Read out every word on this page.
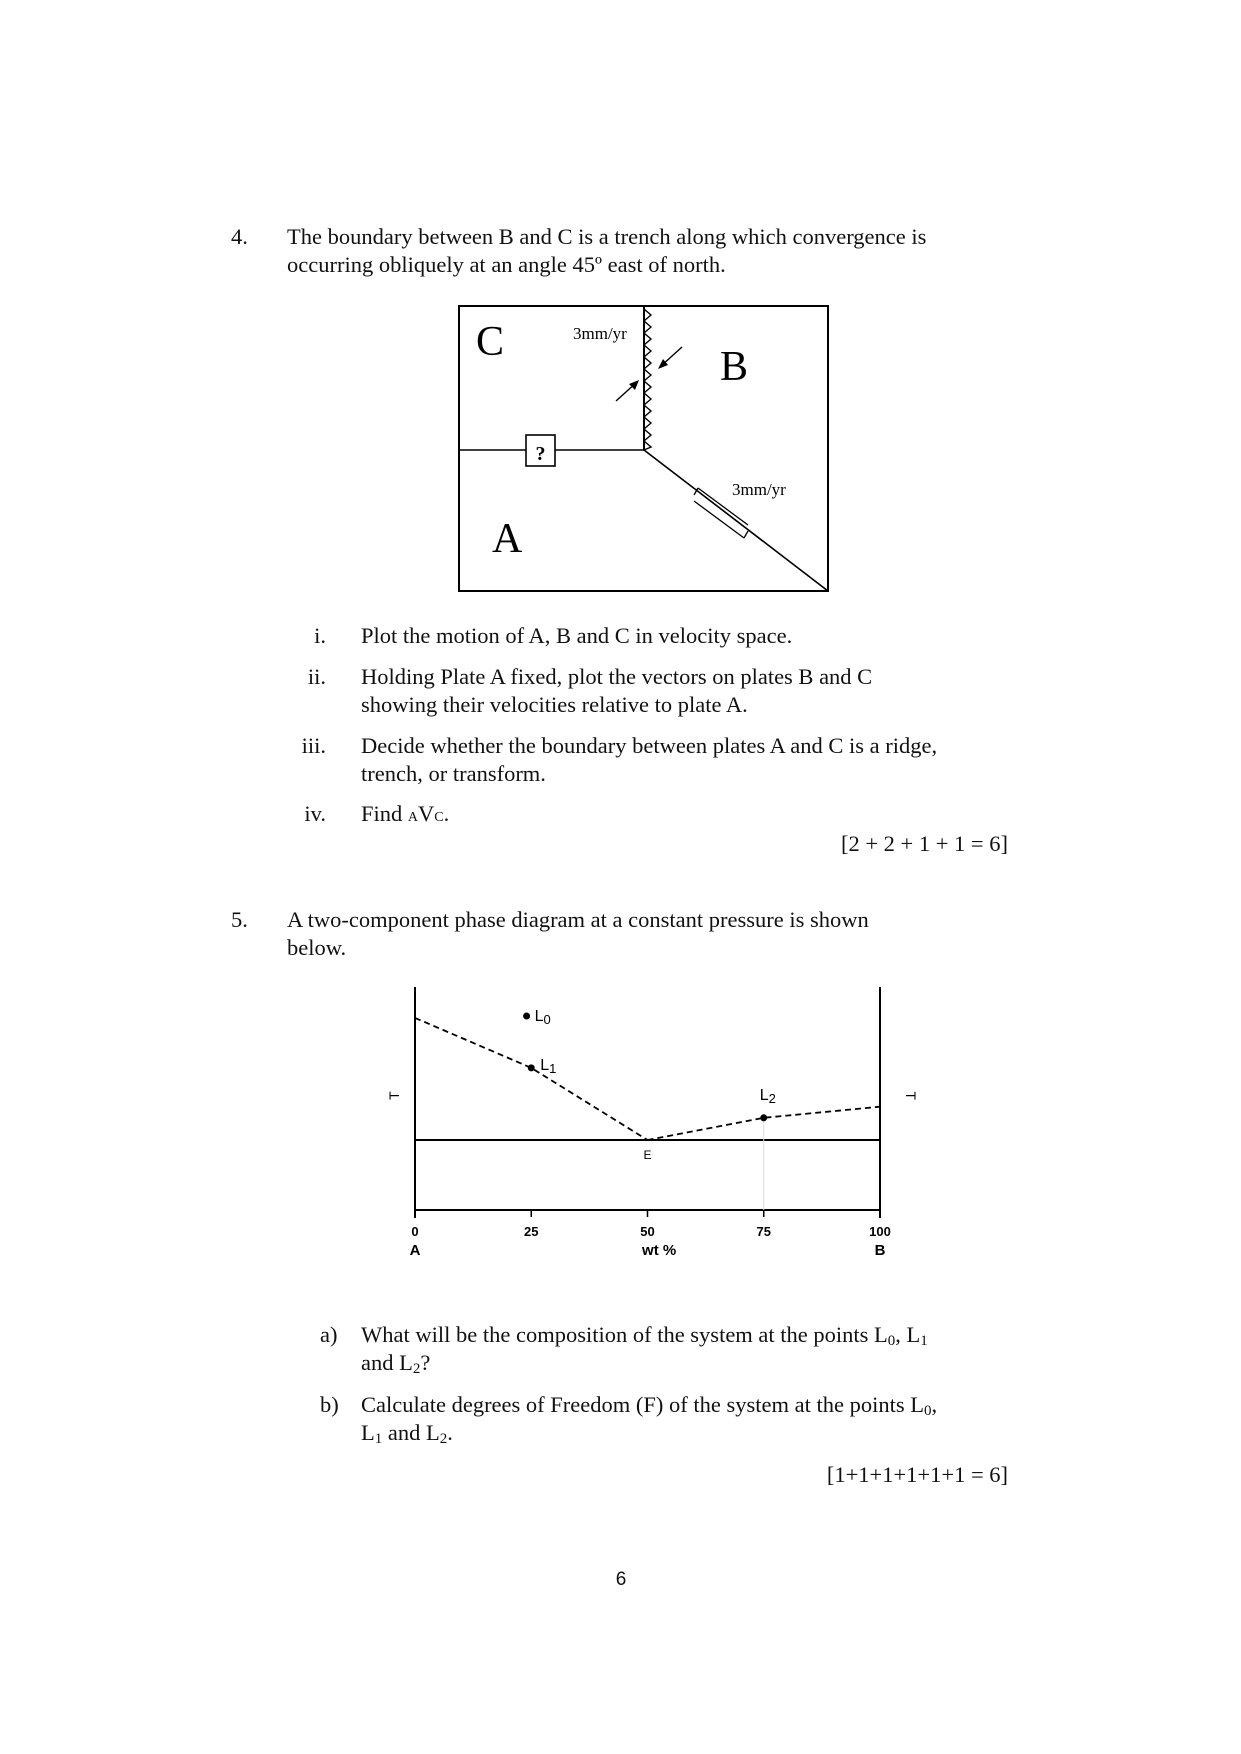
4.	The boundary between B and C is a trench along which convergence is
occurring obliquely at an angle 45º east of north.
?
C
B
A
3mm/yr
3mm/yr
i. Plot the motion of A, B and C in velocity space.
ii. Holding Plate A fixed, plot the vectors on plates B and C
showing their velocities relative to plate A.
iii. Decide whether the boundary between plates A and C is a ridge,
trench, or transform.
iv. Find AVC.
[2 + 2 + 1 + 1 = 6]
5.	A two-component phase diagram at a constant pressure is shown
below.
0	25	50	75	100
A	wt %	B
T	T
L0
L1
L2
E
a) What will be the composition of the system at the points $L_0$, $L_1$
and $L_2$?
b) Calculate degrees of Freedom (F) of the system at the points $L_0$,
$L_1$ and $L_2$.
[1+1+1+1+1+1 = 6]
6
